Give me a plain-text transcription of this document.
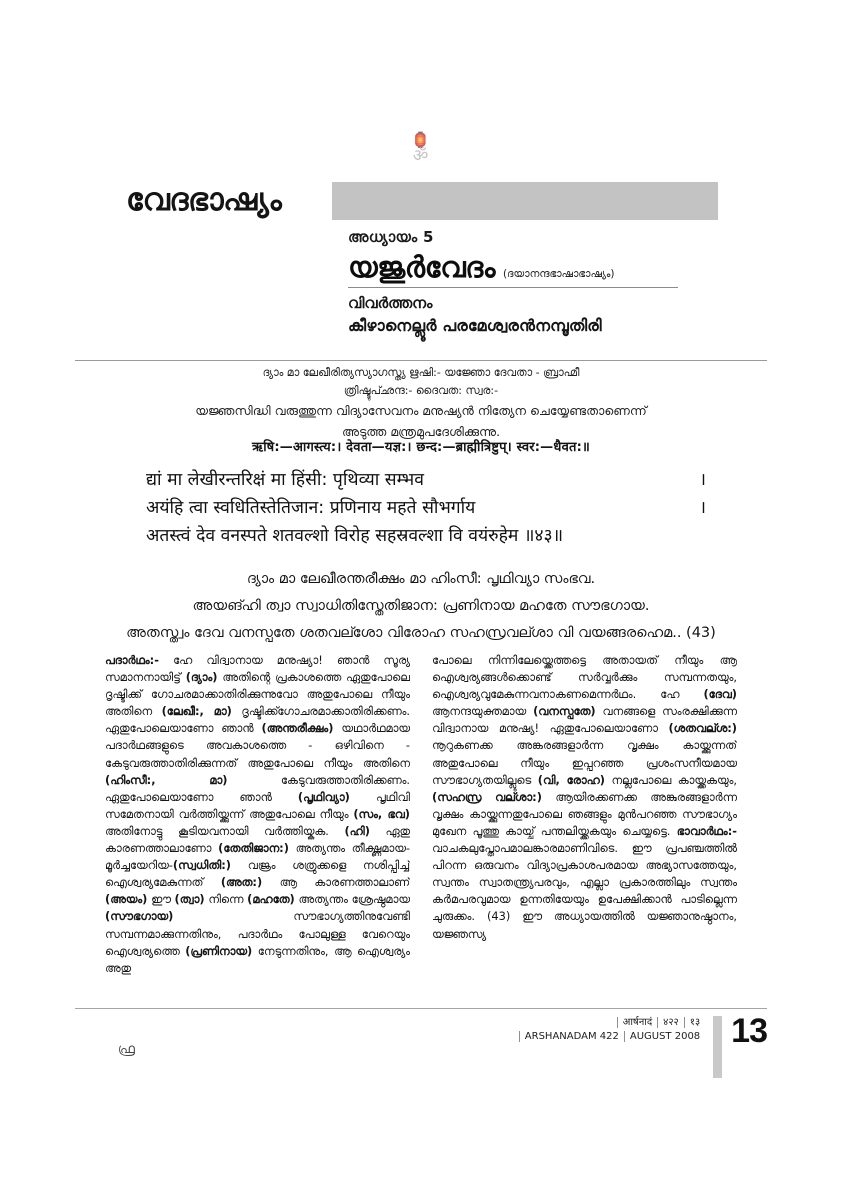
🏮
ॐ
വേദഭാഷ്യം
അധ്യായം 5
യജുർ‍വേദം (ദയാനന്ദഭാഷാഭാഷ്യം)
വിവർത്തനം
കീഴാനെല്ലൂർ പരമേശ്വരന്‍നമ്പൂതിരി
ദ്യാം മാ ലേഖീരിത്യസ്യാഗസ്ത്യ ഋഷി:- യജ്ഞോ ദേവതാ - ബ്രാഹ്മീ
ത്രിഷ്ടുപ്‍ഛന്ദ:- ദൈവത: സ്വര:-
യജ്ഞസിദ്ധി വരുത്തുന്ന വിദ്യാസേവനം മനുഷ്യൻ നിത്യേന ചെയ്യേണ്ടതാണെന്ന്
അടുത്ത മന്ത്രമുപദേശിക്കുന്നു.
ऋषि:—आगस्त्य:। देवता—यज्ञ:। छन्द:—ब्राह्मीत्रिष्टुप्। स्वर:—धैवत:॥
द्यां मा लेखीरन्तरिक्षं मा हिंसी: पृथिव्या सम्भव	।
अयंहि त्वा स्वधितिस्तेतिजान: प्रणिनाय महते सौभर्गाय	।
अतस्त्वं देव वनस्पते शतवल्शो विरोह सहस्रवल्शा वि वयंरुहेम ॥४३॥
ദ്യാം മാ ലേഖീരന്തരീക്ഷം മാ ഹിംസീ: പൃഥിവ്യാ സംഭവ.
അയങ്ഹി ത്വാ സ്വാധിതിസ്തേതിജാന: പ്രണിനായ മഹതേ സൗഭഗായ.
അതസ്ത്വം ദേവ വനസ്പതേ ശതവല്ശോ വിരോഹ സഹസ്രവല്ശാ വി വയങ്ങരഹെമ.. (43)
പദാർഥം:- ഹേ വിദ്വാനായ മനുഷ്യാ! ഞാൻ സൂര്യ സമാനനായിട്ട് (ദ്യാം) അതിന്റെ പ്രകാശത്തെ ഏതുപോലെ ദൃഷ്ടിക്ക് ഗോചരമാക്കാതിരിക്കുന്നുവോ അതുപോലെ നീയും അതിനെ (ലേഖീ:, മാ) ദൃഷ്ടിക്ക്ഗോചരമാക്കാതിരിക്കണം. ഏതുപോലെയാണോ ഞാൻ (അന്തരീക്ഷം) യഥാർഥമായ പദാർഥങ്ങളുടെ അവകാശത്തെ - ഒഴിവിനെ - കേടുവരുത്താതിരിക്കുന്നത് അതുപോലെ നീയും അതിനെ (ഹിംസീ:, മാ) കേടുവരുത്താതിരിക്കണം. ഏതുപോലെയാണോ ഞാൻ (പൃഥിവ്യാ) പൃഥിവി സമേതനായി വർത്തിയ്ക്കുന്ന് അതുപോലെ നീയും (സം, ഭവ) അതിനോട്ടു കൂടിയവനായി വർത്തിയ്കക. (ഹി) ഏതു കാരണത്താലാണോ (തേതിജാന:) അത്യന്തം തീക്ഷ്ണമായ-മൂർച്ചയേറിയ-(സ്വധിതി:) വജ്രം ശത്രുക്കളെ നശിപ്പിച്ച് ഐശ്വര്യമേകുന്നത് (അത:) ആ കാരണത്താലാണ് (അയം) ഈ (ത്വാ) നിന്നെ (മഹതേ) അത്യന്തം ശ്രേഷ്ഠമായ (സൗഭഗായ) സൗഭാഗ്യത്തിനുവേണ്ടി സമ്പന്നമാക്കുന്നതിനും, പദാർഥം പോലുള്ള വേറെയും ഐശ്വര്യത്തെ (പ്രണിനായ) നേടുന്നതിനും, ആ ഐശ്വര്യം അതു
പോലെ നിന്നിലേയ്ക്കെത്തട്ടെ അതായത് നീയും ആ ഐശ്വര്യങ്ങൾക്കൊണ്ട് സർവ്വർക്കും സമ്പന്നതയും, ഐശ്വര്യവുമേകുന്നവനാകണമെന്നർഥം. ഹേ (ദേവ) ആനന്ദയുക്തമായ (വനസ്പതേ) വനങ്ങളെ സംരക്ഷിക്കുന്ന വിദ്വാനായ മനുഷ്യ! ഏതുപോലെയാണോ (ശതവല്ശ:) നൂറുകണക്ക അങ്കരങ്ങളാർന്ന വൃക്ഷം കായ്ക്കുന്നത് അതുപോലെ നീയും ഇപ്പറഞ്ഞ പ്രശംസനീയമായ സൗഭാഗ്യതയില്ലൂടെ (വി, രോഹ) നല്ലപോലെ കായ്ക്കകയും, (സഹസ്ര വല്ശാ:) ആയിരക്കണക്ക അങ്കുരങ്ങളാർന്ന വൃക്ഷം കായ്ക്കുന്നതുപോലെ ഞങ്ങളും മുൻപറഞ്ഞ സൗഭാഗ്യം മുഖേന പൂത്തു കായ്ച് പന്തലിയ്ക്കകയും ചെയ്യട്ടെ. ഭാവാർഥം:- വാചകലുപ്തോപമാലങ്കാരമാണിവിടെ. ഈ പ്രപഞ്ചത്തിൽ പിറന്ന ഒരുവനം വിദ്യാപ്രകാശപരമായ അഭ്യാസത്തേയും, സ്വന്തം സ്വാതന്ത്ര്യപരവും, എല്ലാ പ്രകാരത്തിലും സ്വന്തം കർമപരവുമായ ഉന്നതിയേയും ഉപേക്ഷിക്കാൻ പാടില്ലെന്ന ചുരുക്കം. (43) ഈ അധ്യായത്തിൽ യജ്ഞാനുഷ്ഠാനം, യജ്ഞസ്യ
ഫ്ര
आर्षनादं ४२२ १३
ARSHANADAM 422 AUGUST 2008 13
